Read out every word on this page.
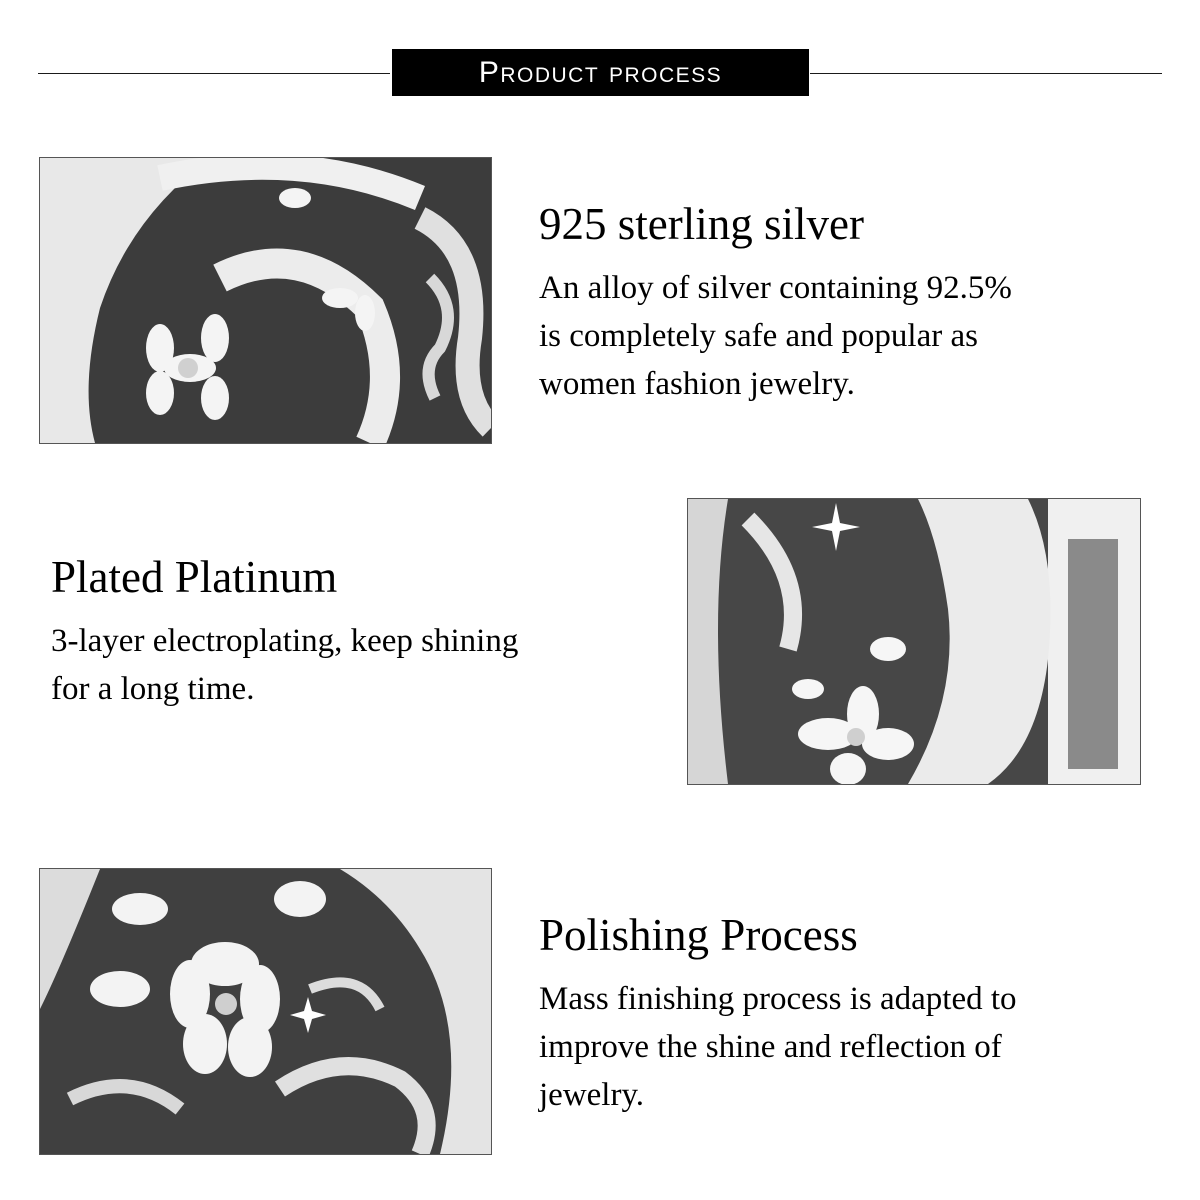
Product process
925 sterling silver

An alloy of silver containing 92.5%
is completely safe and popular as
women fashion jewelry.

Plated Platinum

3-layer electroplating, keep shining
for a long time.

Polishing Process

Mass finishing process is adapted to
improve the shine and reflection of
jewelry.
